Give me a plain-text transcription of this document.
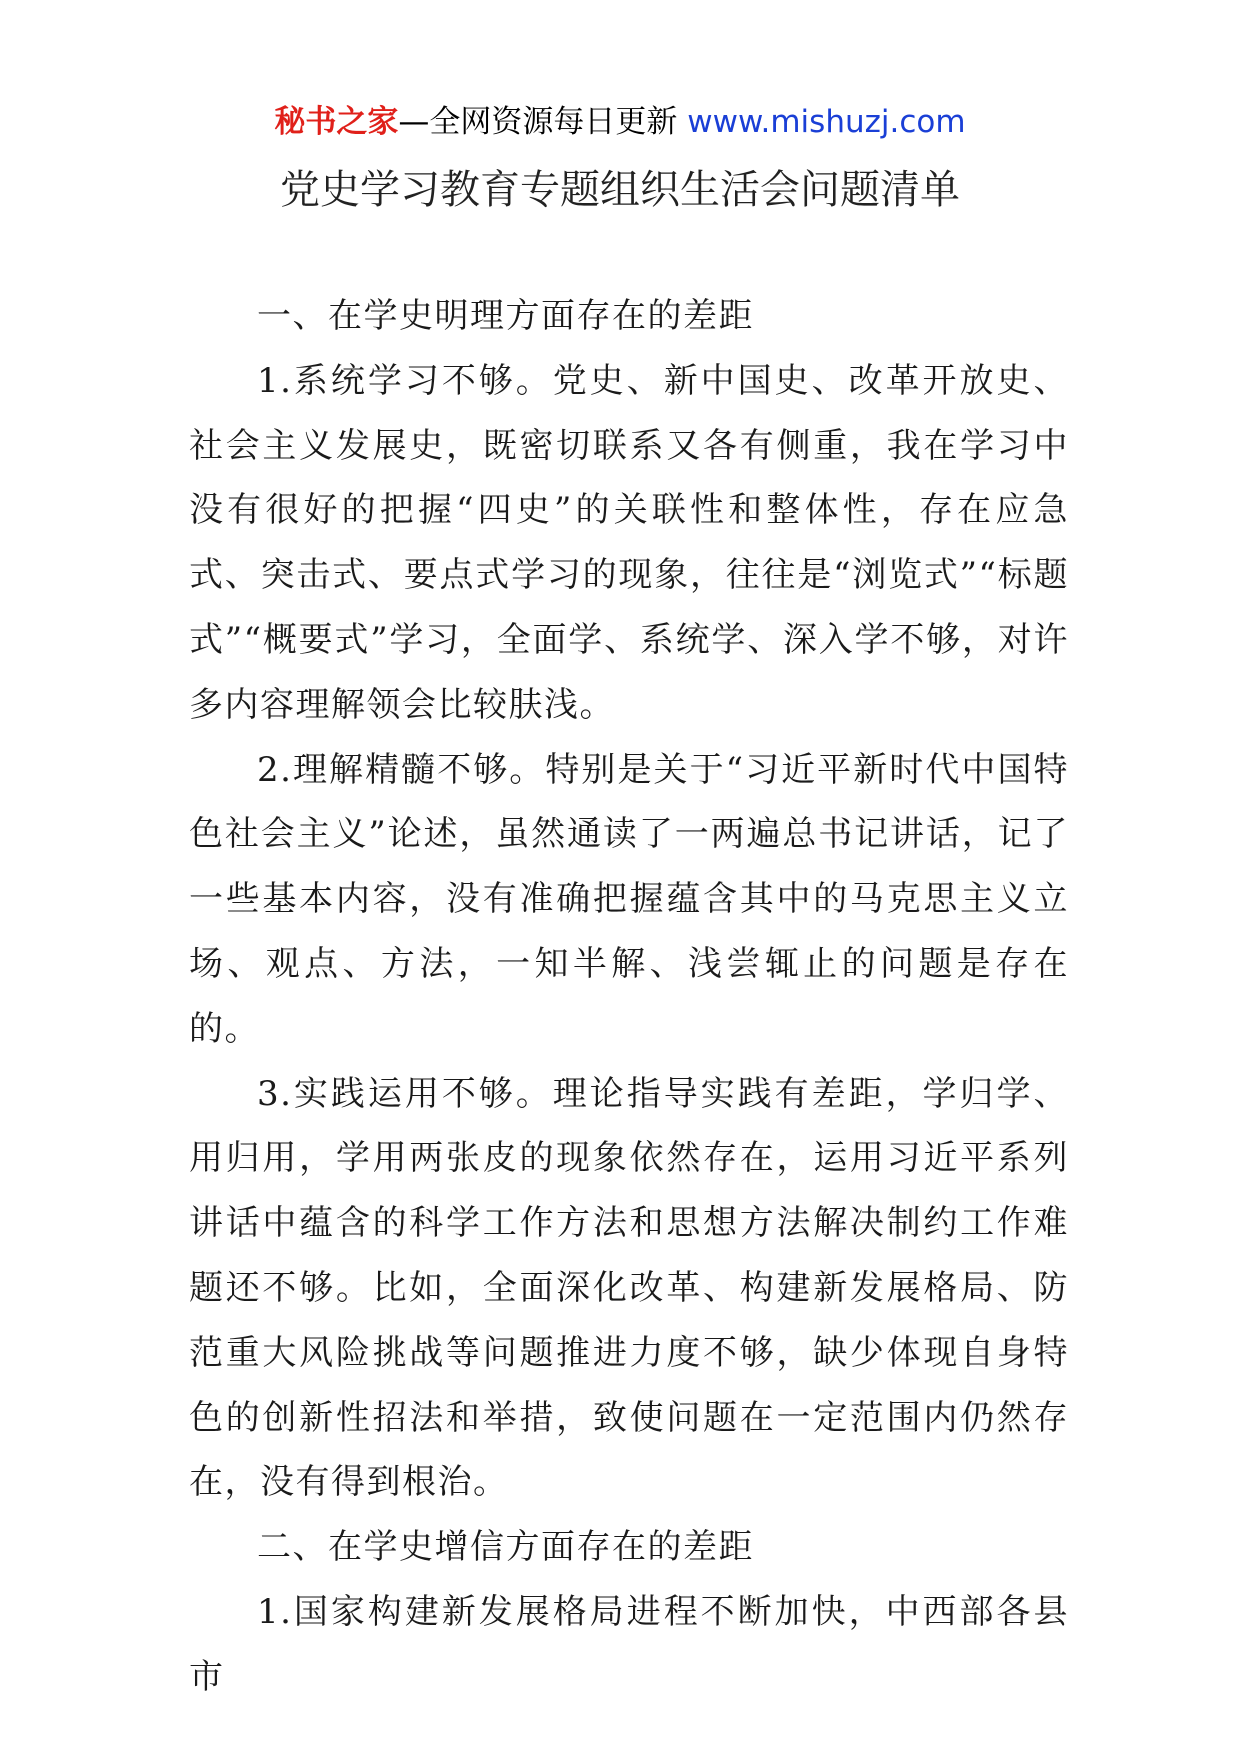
秘书之家—全网资源每日更新 www.mishuzj.com
党史学习教育专题组织生活会问题清单

一、在学史明理方面存在的差距

1.系统学习不够。党史、新中国史、改革开放史、社会主义发展史，既密切联系又各有侧重，我在学习中没有很好的把握“四史”的关联性和整体性，存在应急式、突击式、要点式学习的现象，往往是“浏览式”“标题式”“概要式”学习，全面学、系统学、深入学不够，对许多内容理解领会比较肤浅。

2.理解精髓不够。特别是关于“习近平新时代中国特色社会主义”论述，虽然通读了一两遍总书记讲话，记了一些基本内容，没有准确把握蕴含其中的马克思主义立场、观点、方法，一知半解、浅尝辄止的问题是存在的。

3.实践运用不够。理论指导实践有差距，学归学、用归用，学用两张皮的现象依然存在，运用习近平系列讲话中蕴含的科学工作方法和思想方法解决制约工作难题还不够。比如，全面深化改革、构建新发展格局、防范重大风险挑战等问题推进力度不够，缺少体现自身特色的创新性招法和举措，致使问题在一定范围内仍然存在，没有得到根治。

二、在学史增信方面存在的差距

1.国家构建新发展格局进程不断加快，中西部各县市
